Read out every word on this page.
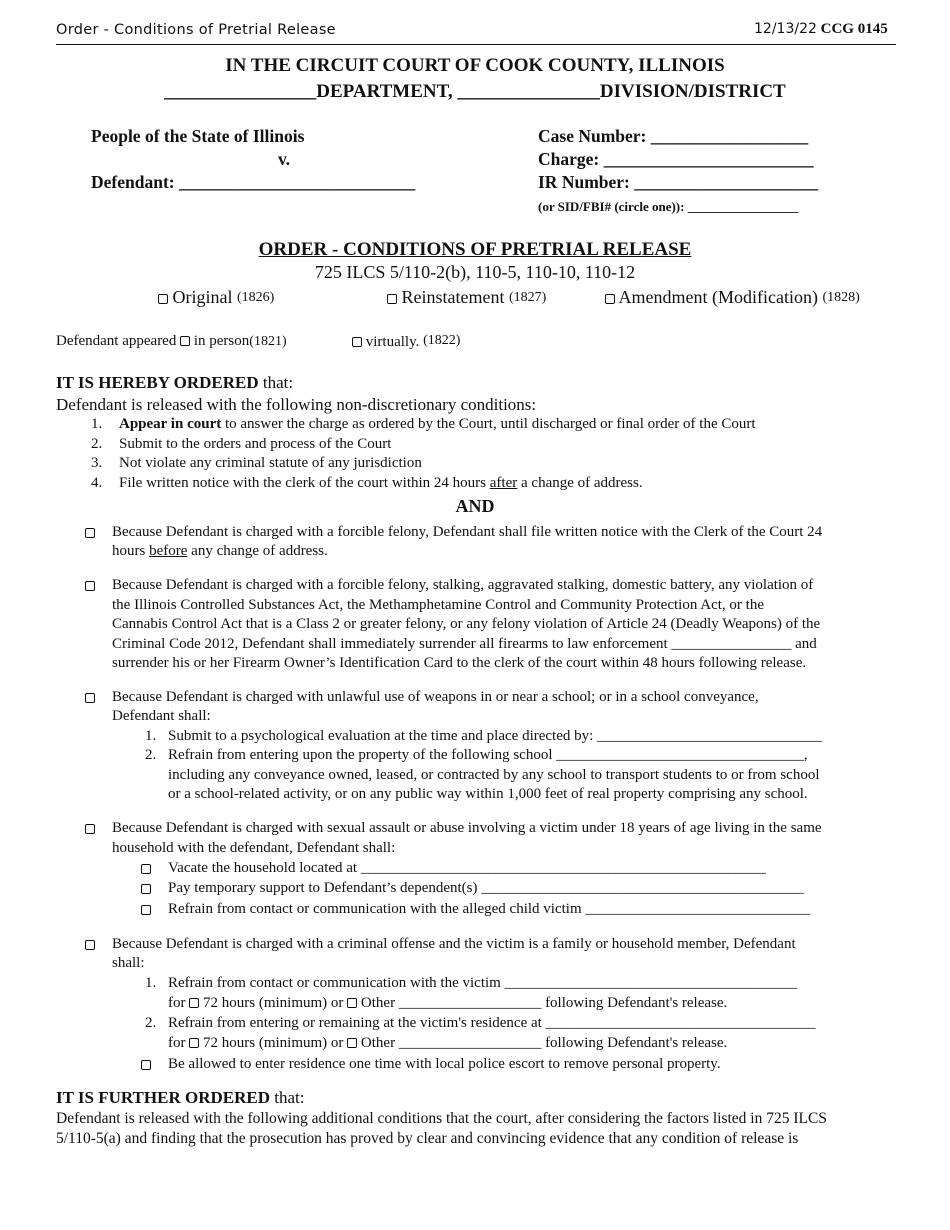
Order - Conditions of Pretrial Release	12/13/22 CCG 0145
IN THE CIRCUIT COURT OF COOK COUNTY, ILLINOIS
________________DEPARTMENT, _______________DIVISION/DISTRICT
People of the State of Illinois
v.
Defendant: ___________________________
Case Number: __________________
Charge: ________________________
IR Number: _____________________
(or SID/FBI# (circle one)): _________________
ORDER - CONDITIONS OF PRETRIAL RELEASE
725 ILCS 5/110-2(b), 110-5, 110-10, 110-12
Original (1826)	Reinstatement (1827)	Amendment (Modification) (1828)
Defendant appeared in person(1821)	virtually. (1822)
IT IS HEREBY ORDERED that:
Defendant is released with the following non-discretionary conditions:
1. Appear in court to answer the charge as ordered by the Court, until discharged or final order of the Court
2. Submit to the orders and process of the Court
3. Not violate any criminal statute of any jurisdiction
4. File written notice with the clerk of the court within 24 hours after a change of address.
AND
Because Defendant is charged with a forcible felony, Defendant shall file written notice with the Clerk of the Court 24
hours before any change of address.
Because Defendant is charged with a forcible felony, stalking, aggravated stalking, domestic battery, any violation of
the Illinois Controlled Substances Act, the Methamphetamine Control and Community Protection Act, or the
Cannabis Control Act that is a Class 2 or greater felony, or any felony violation of Article 24 (Deadly Weapons) of the
Criminal Code 2012, Defendant shall immediately surrender all firearms to law enforcement ________________ and
surrender his or her Firearm Owner’s Identification Card to the clerk of the court within 48 hours following release.
Because Defendant is charged with unlawful use of weapons in or near a school; or in a school conveyance,
Defendant shall:
1. Submit to a psychological evaluation at the time and place directed by: ______________________________
2. Refrain from entering upon the property of the following school _________________________________,
including any conveyance owned, leased, or contracted by any school to transport students to or from school
or a school-related activity, or on any public way within 1,000 feet of real property comprising any school.
Because Defendant is charged with sexual assault or abuse involving a victim under 18 years of age living in the same
household with the defendant, Defendant shall:
Vacate the household located at ______________________________________________________
Pay temporary support to Defendant’s dependent(s) ___________________________________________
Refrain from contact or communication with the alleged child victim ______________________________
Because Defendant is charged with a criminal offense and the victim is a family or household member, Defendant
shall:
1. Refrain from contact or communication with the victim _______________________________________
for 72 hours (minimum) or Other ___________________ following Defendant's release.
2. Refrain from entering or remaining at the victim's residence at ____________________________________
for 72 hours (minimum) or Other ___________________ following Defendant's release.
Be allowed to enter residence one time with local police escort to remove personal property.
IT IS FURTHER ORDERED that:
Defendant is released with the following additional conditions that the court, after considering the factors listed in 725 ILCS
5/110-5(a) and finding that the prosecution has proved by clear and convincing evidence that any condition of release is
